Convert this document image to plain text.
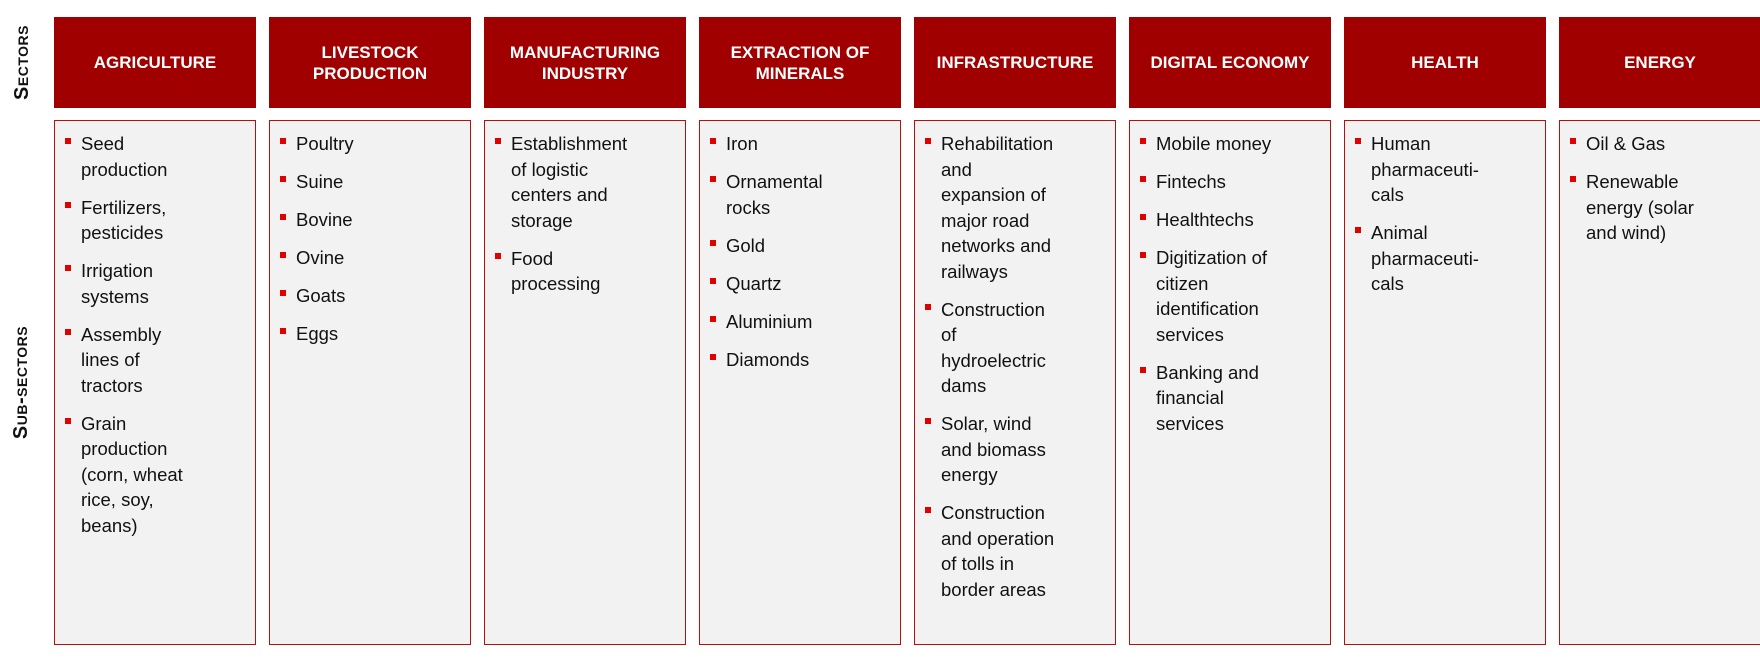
Sectors
Sub-sectors
AGRICULTURE
Seed
production
Fertilizers,
pesticides
Irrigation
systems
Assembly
lines of
tractors
Grain
production
(corn, wheat
rice, soy,
beans)
LIVESTOCK
PRODUCTION
Poultry
Suine
Bovine
Ovine
Goats
Eggs
MANUFACTURING
INDUSTRY
Establishment
of logistic
centers and
storage
Food
processing
EXTRACTION OF
MINERALS
Iron
Ornamental
rocks
Gold
Quartz
Aluminium
Diamonds
INFRASTRUCTURE
Rehabilitation
and
expansion of
major road
networks and
railways
Construction
of
hydroelectric
dams
Solar, wind
and biomass
energy
Construction
and operation
of tolls in
border areas
DIGITAL ECONOMY
Mobile money
Fintechs
Healthtechs
Digitization of
citizen
identification
services
Banking and
financial
services
HEALTH
Human
pharmaceuti-
cals
Animal
pharmaceuti-
cals
ENERGY
Oil & Gas
Renewable
energy (solar
and wind)
